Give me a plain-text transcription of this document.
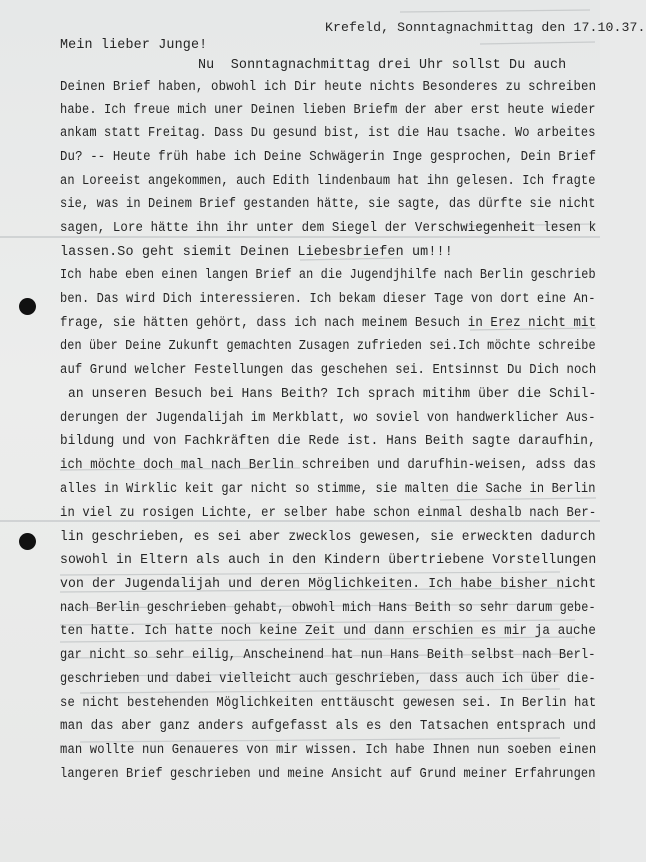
Krefeld, Sonntagnachmittag den 17.10.37.
Mein lieber Junge!
Nu  Sonntagnachmittag drei Uhr sollst Du auch
Deinen Brief haben, obwohl ich Dir heute nichts Besonderes zu schreiben
habe. Ich freue mich uner Deinen lieben Briefm der aber erst heute wieder
ankam statt Freitag. Dass Du gesund bist, ist die Hau tsache. Wo arbeites
Du? -- Heute früh habe ich Deine Schwägerin Inge gesprochen, Dein Brief
an Loreeist angekommen, auch Edith lindenbaum hat ihn gelesen. Ich fragte
sie, was in Deinem Brief gestanden hätte, sie sagte, das dürfte sie nicht
sagen, Lore hätte ihn ihr unter dem Siegel der Verschwiegenheit lesen k
lassen.So geht siemit Deinen Liebesbriefen um!!!
Ich habe eben einen langen Brief an die Jugendjhilfe nach Berlin geschrieb
ben. Das wird Dich interessieren. Ich bekam dieser Tage von dort eine An-
frage, sie hätten gehört, dass ich nach meinem Besuch in Erez nicht mit
den über Deine Zukunft gemachten Zusagen zufrieden sei.Ich möchte schreibe
auf Grund welcher Festellungen das geschehen sei. Entsinnst Du Dich noch
an unseren Besuch bei Hans Beith? Ich sprach mitihm über die Schil-
derungen der Jugendalijah im Merkblatt, wo soviel von handwerklicher Aus-
bildung und von Fachkräften die Rede ist. Hans Beith sagte daraufhin,
ich möchte doch mal nach Berlin schreiben und darufhin-weisen, adss das
alles in Wirklic keit gar nicht so stimme, sie malten die Sache in Berlin
in viel zu rosigen Lichte, er selber habe schon einmal deshalb nach Ber-
lin geschrieben, es sei aber zwecklos gewesen, sie erweckten dadurch
sowohl in Eltern als auch in den Kindern übertriebene Vorstellungen
von der Jugendalijah und deren Möglichkeiten. Ich habe bisher nicht
nach Berlin geschrieben gehabt, obwohl mich Hans Beith so sehr darum gebe-
ten hatte. Ich hatte noch keine Zeit und dann erschien es mir ja auche
gar nicht so sehr eilig, Anscheinend hat nun Hans Beith selbst nach Berl-
geschrieben und dabei vielleicht auch geschrieben, dass auch ich über die-
se nicht bestehenden Möglichkeiten enttäuscht gewesen sei. In Berlin hat
man das aber ganz anders aufgefasst als es den Tatsachen entsprach und
man wollte nun Genaueres von mir wissen. Ich habe Ihnen nun soeben einen
langeren Brief geschrieben und meine Ansicht auf Grund meiner Erfahrungen
